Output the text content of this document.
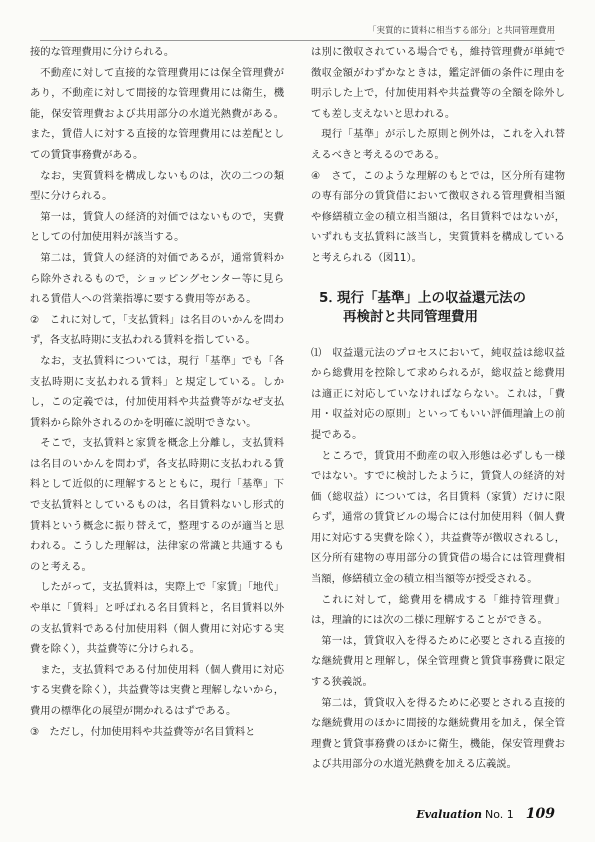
「実質的に賃料に相当する部分」と共同管理費用

接的な管理費用に分けられる。

不動産に対して直接的な管理費用には保全管理費があり，不動産に対して間接的な管理費用には衛生，機能，保安管理費および共用部分の水道光熱費がある。また，賃借人に対する直接的な管理費用には差配としての賃貸事務費がある。

なお，実質賃料を構成しないものは，次の二つの類型に分けられる。

第一は，賃貸人の経済的対価ではないもので，実費としての付加使用料が該当する。

第二は，賃貸人の経済的対価であるが，通常賃料から除外されるもので，ショッピングセンター等に見られる賃借人への営業指導に要する費用等がある。

②　これに対して，「支払賃料」は名目のいかんを問わず，各支払時期に支払われる賃料を指している。

なお，支払賃料については，現行「基準」でも「各支払時期に支払われる賃料」と規定している。しかし，この定義では，付加使用料や共益費等がなぜ支払賃料から除外されるのかを明確に説明できない。

そこで，支払賃料と家賃を概念上分離し，支払賃料は名目のいかんを問わず，各支払時期に支払われる賃料として近似的に理解するとともに，現行「基準」下で支払賃料としているものは，名目賃料ないし形式的賃料という概念に振り替えて，整理するのが適当と思われる。こうした理解は，法律家の常識と共通するものと考える。

したがって，支払賃料は，実際上で「家賃」「地代」や単に「賃料」と呼ばれる名目賃料と，名目賃料以外の支払賃料である付加使用料（個人費用に対応する実費を除く），共益費等に分けられる。

また，支払賃料である付加使用料（個人費用に対応する実費を除く），共益費等は実費と理解しないから，費用の標準化の展望が開かれるはずである。

③　ただし，付加使用料や共益費等が名目賃料と

は別に徴収されている場合でも，維持管理費が単純で徴収金額がわずかなときは，鑑定評価の条件に理由を明示した上で，付加使用料や共益費等の全額を除外しても差し支えないと思われる。

現行「基準」が示した原則と例外は，これを入れ替えるべきと考えるのである。

④　さて，このような理解のもとでは，区分所有建物の専有部分の賃貸借において徴収される管理費相当額や修繕積立金の積立相当額は，名目賃料ではないが，いずれも支払賃料に該当し，実質賃料を構成していると考えられる（図11）。

5．現行「基準」上の収益還元法の
再検討と共同管理費用

⑴　収益還元法のプロセスにおいて，純収益は総収益から総費用を控除して求められるが，総収益と総費用は適正に対応していなければならない。これは，「費用・収益対応の原則」といってもいい評価理論上の前提である。

ところで，賃貸用不動産の収入形態は必ずしも一様ではない。すでに検討したように，賃貸人の経済的対価（総収益）については，名目賃料（家賃）だけに限らず，通常の賃貸ビルの場合には付加使用料（個人費用に対応する実費を除く），共益費等が徴収されるし，区分所有建物の専用部分の賃貸借の場合には管理費相当額，修繕積立金の積立相当額等が授受される。

これに対して，総費用を構成する「維持管理費」は，理論的には次の二様に理解することができる。

第一は，賃貸収入を得るために必要とされる直接的な継続費用と理解し，保全管理費と賃貸事務費に限定する狭義説。

第二は，賃貸収入を得るために必要とされる直接的な継続費用のほかに間接的な継続費用を加え，保全管理費と賃貸事務費のほかに衛生，機能，保安管理費および共用部分の水道光熱費を加える広義説。

Evaluation No. 1 109
